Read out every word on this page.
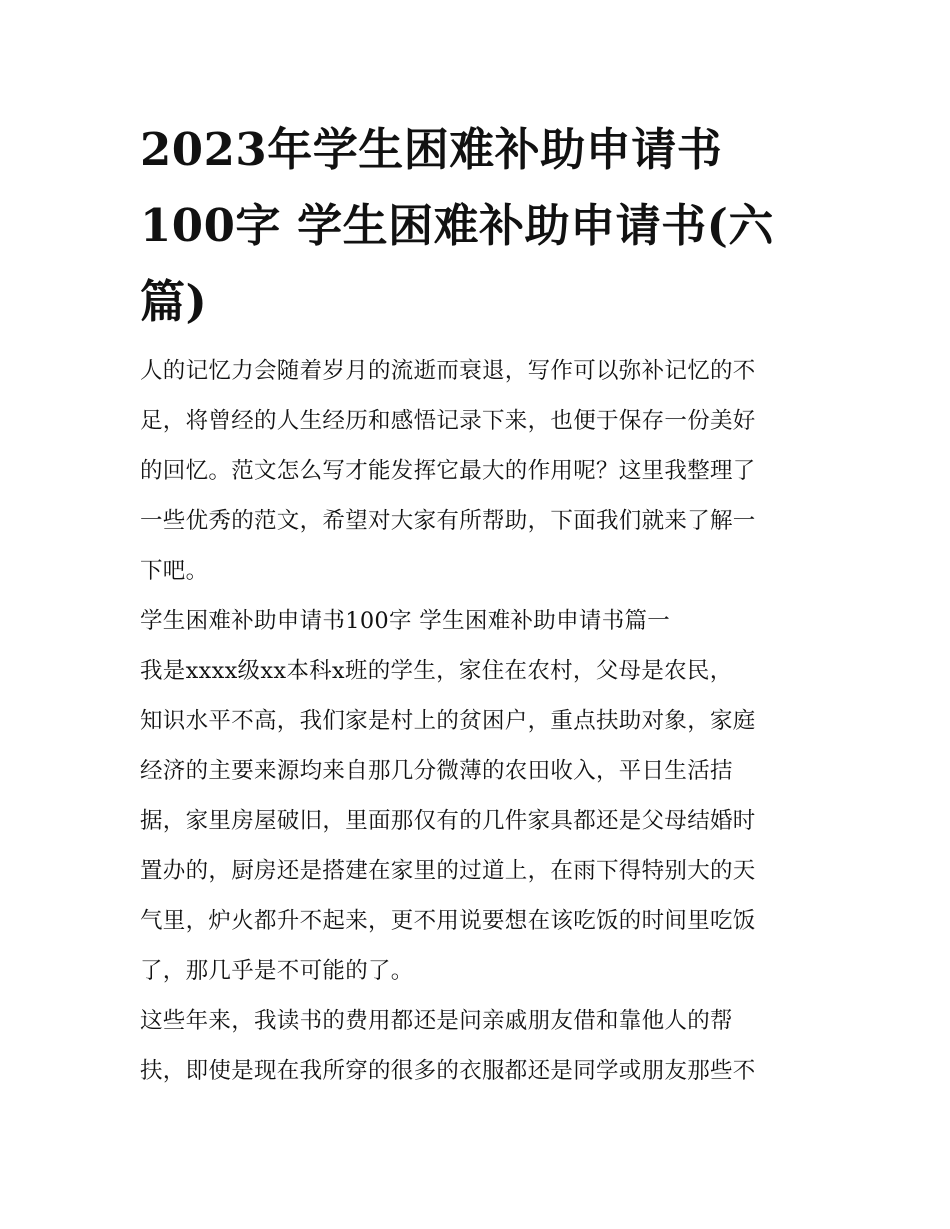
2023年学生困难补助申请书
100字 学生困难补助申请书(六
篇)
人的记忆力会随着岁月的流逝而衰退，写作可以弥补记忆的不
足，将曾经的人生经历和感悟记录下来，也便于保存一份美好
的回忆。范文怎么写才能发挥它最大的作用呢？这里我整理了
一些优秀的范文，希望对大家有所帮助，下面我们就来了解一
下吧。
学生困难补助申请书100字 学生困难补助申请书篇一
我是xxxx级xx本科x班的学生，家住在农村，父母是农民，
知识水平不高，我们家是村上的贫困户，重点扶助对象，家庭
经济的主要来源均来自那几分微薄的农田收入，平日生活拮
据，家里房屋破旧，里面那仅有的几件家具都还是父母结婚时
置办的，厨房还是搭建在家里的过道上，在雨下得特别大的天
气里，炉火都升不起来，更不用说要想在该吃饭的时间里吃饭
了，那几乎是不可能的了。
这些年来，我读书的费用都还是问亲戚朋友借和靠他人的帮
扶，即使是现在我所穿的很多的衣服都还是同学或朋友那些不
